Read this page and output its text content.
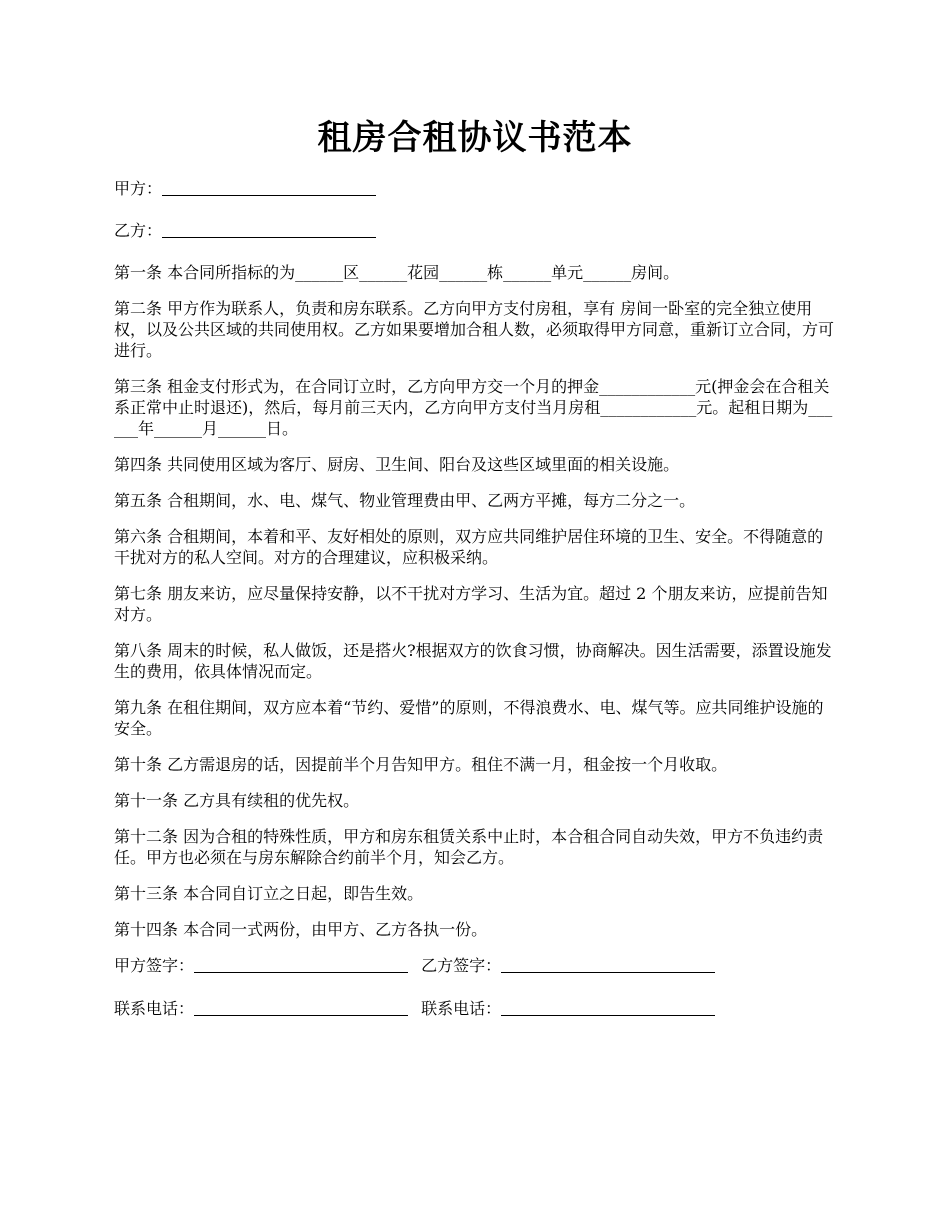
租房合租协议书范本
甲方：
乙方：

第一条 本合同所指标的为______区______花园______栋______单元______房间。

第二条 甲方作为联系人，负责和房东联系。乙方向甲方支付房租，享有 房间一卧室的完全独立使用权，以及公共区域的共同使用权。乙方如果要增加合租人数，必须取得甲方同意，重新订立合同，方可进行。

第三条 租金支付形式为，在合同订立时，乙方向甲方交一个月的押金____________元(押金会在合租关系正常中止时退还)，然后，每月前三天内，乙方向甲方支付当月房租____________元。起租日期为______年______月______日。

第四条 共同使用区域为客厅、厨房、卫生间、阳台及这些区域里面的相关设施。

第五条 合租期间，水、电、煤气、物业管理费由甲、乙两方平摊，每方二分之一。

第六条 合租期间，本着和平、友好相处的原则，双方应共同维护居住环境的卫生、安全。不得随意的干扰对方的私人空间。对方的合理建议，应积极采纳。

第七条 朋友来访，应尽量保持安静，以不干扰对方学习、生活为宜。超过 2 个朋友来访，应提前告知对方。

第八条 周末的时候，私人做饭，还是搭火?根据双方的饮食习惯，协商解决。因生活需要，添置设施发生的费用，依具体情况而定。

第九条 在租住期间，双方应本着“节约、爱惜”的原则，不得浪费水、电、煤气等。应共同维护设施的安全。

第十条 乙方需退房的话，因提前半个月告知甲方。租住不满一月，租金按一个月收取。

第十一条 乙方具有续租的优先权。

第十二条 因为合租的特殊性质，甲方和房东租赁关系中止时，本合租合同自动失效，甲方不负违约责任。甲方也必须在与房东解除合约前半个月，知会乙方。

第十三条 本合同自订立之日起，即告生效。

第十四条 本合同一式两份，由甲方、乙方各执一份。

甲方签字：	乙方签字：
联系电话：	联系电话：
